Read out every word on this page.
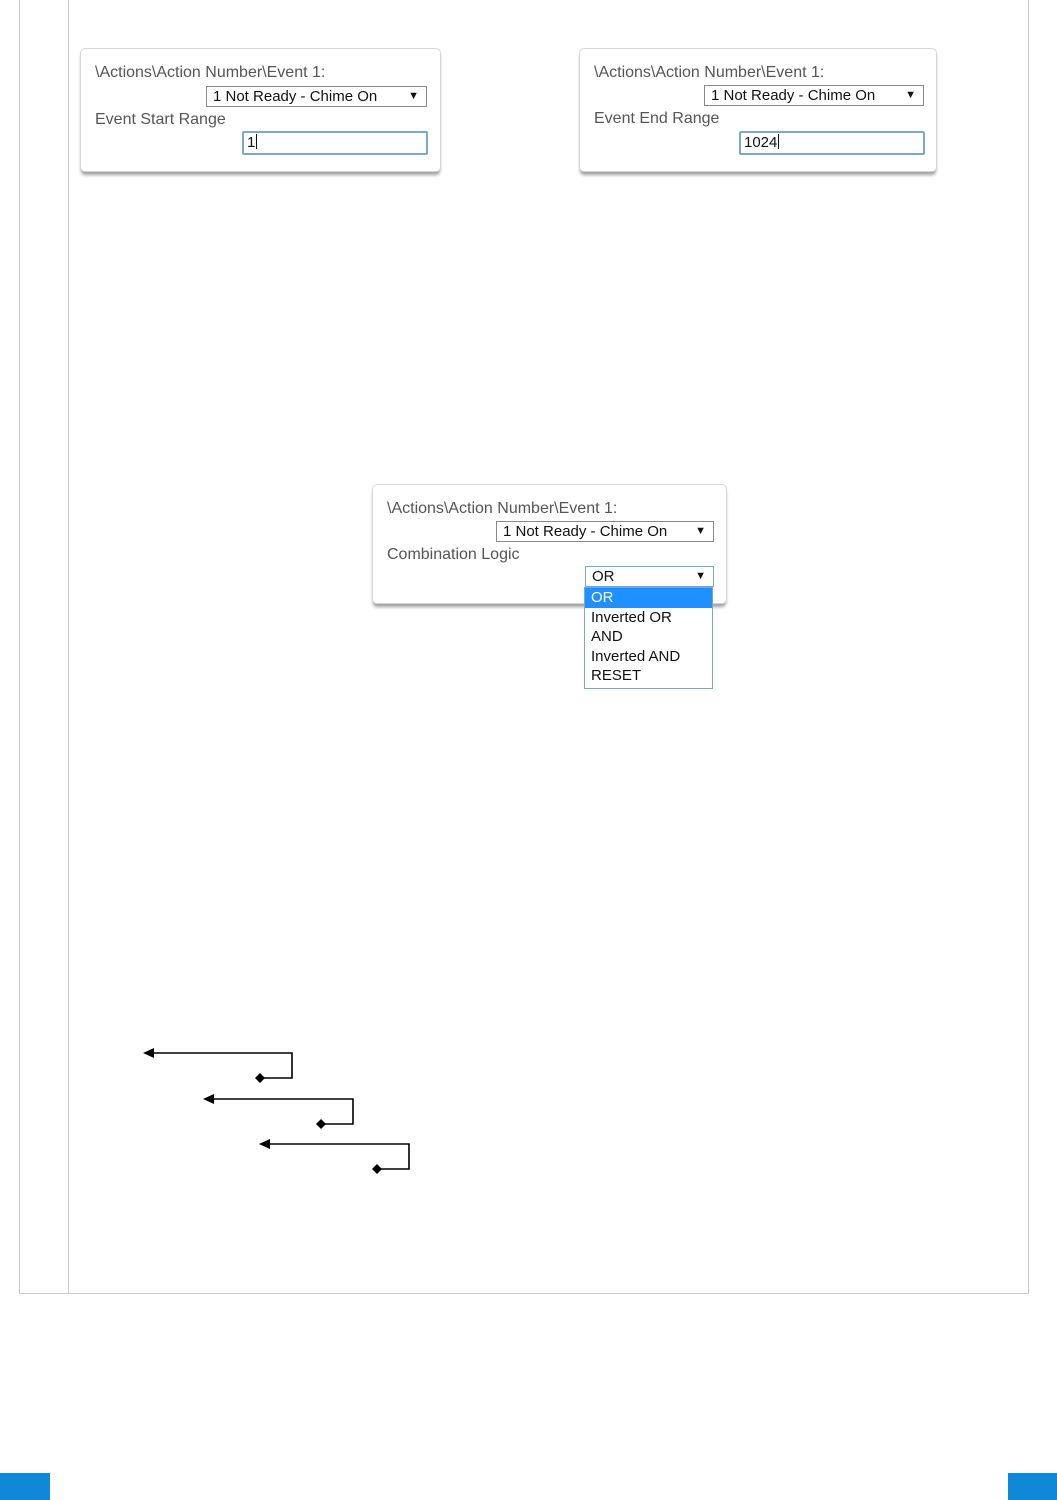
\Actions\Action Number\Event 1:
1 Not Ready - Chime On	▼
Event Start Range
1
\Actions\Action Number\Event 1:
1 Not Ready - Chime On	▼
Event End Range
1024
\Actions\Action Number\Event 1:
1 Not Ready - Chime On	▼
Combination Logic
OR	▼
OR
Inverted OR
AND
Inverted AND
RESET
